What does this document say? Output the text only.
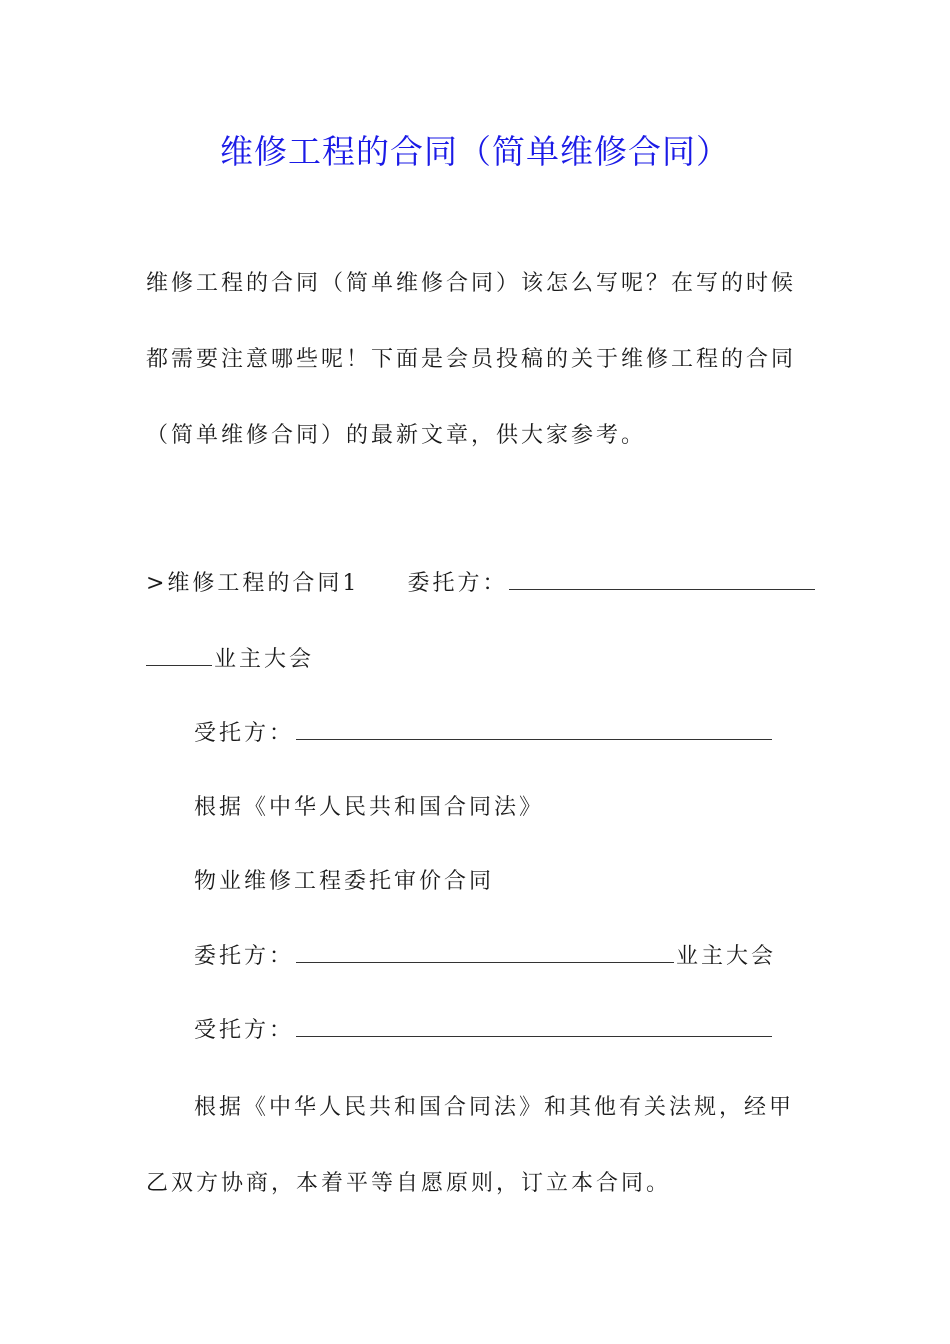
维修工程的合同（简单维修合同）

维修工程的合同（简单维修合同）该怎么写呢？在写的时候都需要注意哪些呢！下面是会员投稿的关于维修工程的合同（简单维修合同）的最新文章，供大家参考。

>维修工程的合同1 委托方：
业主大会
受托方：
根据《中华人民共和国合同法》
物业维修工程委托审价合同
委托方：	业主大会
受托方：

根据《中华人民共和国合同法》和其他有关法规，经甲乙双方协商，本着平等自愿原则，订立本合同。
